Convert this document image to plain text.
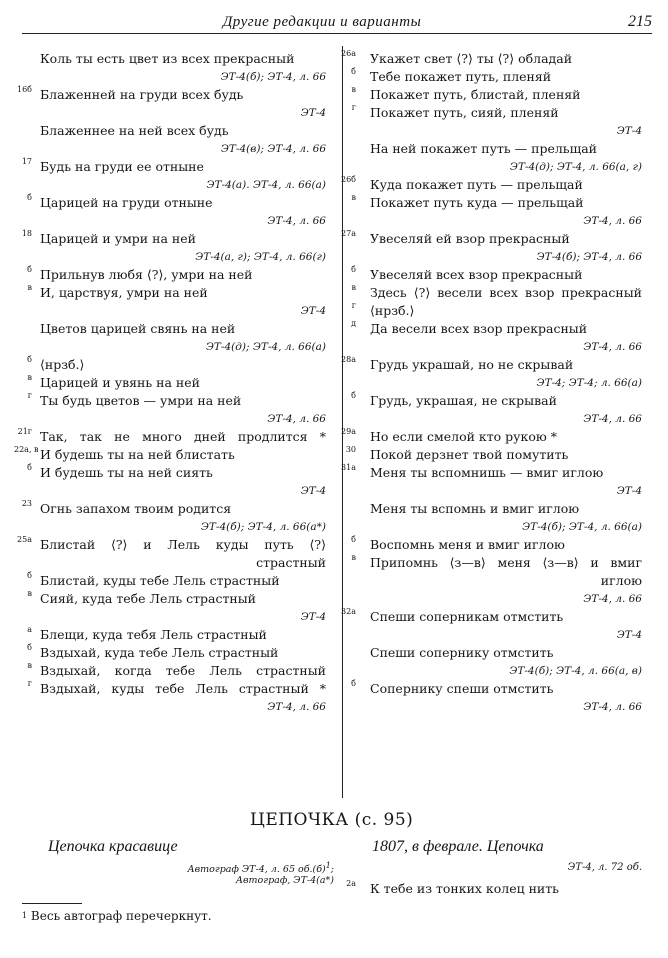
Другие редакции и варианты	215
Коль ты есть цвет из всех прекрасный
ЭТ-4(б); ЭТ-4, л. 66
16б Блаженней на груди всех будь
ЭТ-4
Блаженнее на ней всех будь
ЭТ-4(в); ЭТ-4, л. 66
17 Будь на груди ее отныне
ЭТ-4(а). ЭТ-4, л. 66(а)
б Царицей на груди отныне
ЭТ-4, л. 66
18 Царицей и умри на ней
ЭТ-4(а, г); ЭТ-4, л. 66(г)
б Прильнув любя ⟨?⟩, умри на ней
в И, царствуя, умри на ней
ЭТ-4
Цветов царицей свянь на ней
ЭТ-4(д); ЭТ-4, л. 66(а)
б ⟨нрзб.⟩
в Царицей и увянь на ней
г Ты будь цветов — умри на ней
ЭТ-4, л. 66
21г Так, так не много дней продлится *
22а, в И будешь ты на ней блистать
б И будешь ты на ней сиять
ЭТ-4
23 Огнь запахом твоим родится
ЭТ-4(б); ЭТ-4, л. 66(а*)
25а Блистай ⟨?⟩ и Лель куды путь ⟨?⟩
страстный
б Блистай, куды тебе Лель страстный
в Сияй, куда тебе Лель страстный
ЭТ-4
а Блещи, куда тебя Лель страстный
б Вздыхай, куда тебе Лель страстный
в Вздыхай, когда тебе Лель страстный
г Вздыхай, куды тебе Лель страстный *
ЭТ-4, л. 66
26а Укажет свет ⟨?⟩ ты ⟨?⟩ обладай
б Тебе покажет путь, пленяй
в Покажет путь, блистай, пленяй
г Покажет путь, сияй, пленяй
ЭТ-4
На ней покажет путь — прельщай
ЭТ-4(д); ЭТ-4, л. 66(а, г)
26б Куда покажет путь — прельщай
в Покажет путь куда — прельщай
ЭТ-4, л. 66
27а Увеселяй ей взор прекрасный
ЭТ-4(б); ЭТ-4, л. 66
б Увеселяй всех взор прекрасный
в Здесь ⟨?⟩ весели всех взор прекрасный
г ⟨нрзб.⟩
д Да весели всех взор прекрасный
ЭТ-4, л. 66
28а Грудь украшай, но не скрывай
ЭТ-4; ЭТ-4; л. 66(а)
б Грудь, украшая, не скрывай
ЭТ-4, л. 66
29а Но если смелой кто рукою *
30 Покой дерзнет твой помутить
31а Меня ты вспомнишь — вмиг иглою
ЭТ-4
Меня ты вспомнь и вмиг иглою
ЭТ-4(б); ЭТ-4, л. 66(а)
б Воспомнь меня и вмиг иглою
в Припомнь ⟨з—в⟩ меня ⟨з—в⟩ и вмиг
иглою
ЭТ-4, л. 66
32а Спеши соперникам отмстить
ЭТ-4
Спеши сопернику отмстить
ЭТ-4(б); ЭТ-4, л. 66(а, в)
б Сопернику спеши отмстить
ЭТ-4, л. 66
ЦЕПОЧКА (с. 95)
Цепочка красавице	1807, в феврале. Цепочка
Автограф ЭТ-4, л. 65 $об.(б)^1$;
Автограф, ЭТ-4(а*)
ЭТ-4, л. 72 об.
2а К тебе из тонких колец нить
$^1$ Весь автограф перечеркнут.
